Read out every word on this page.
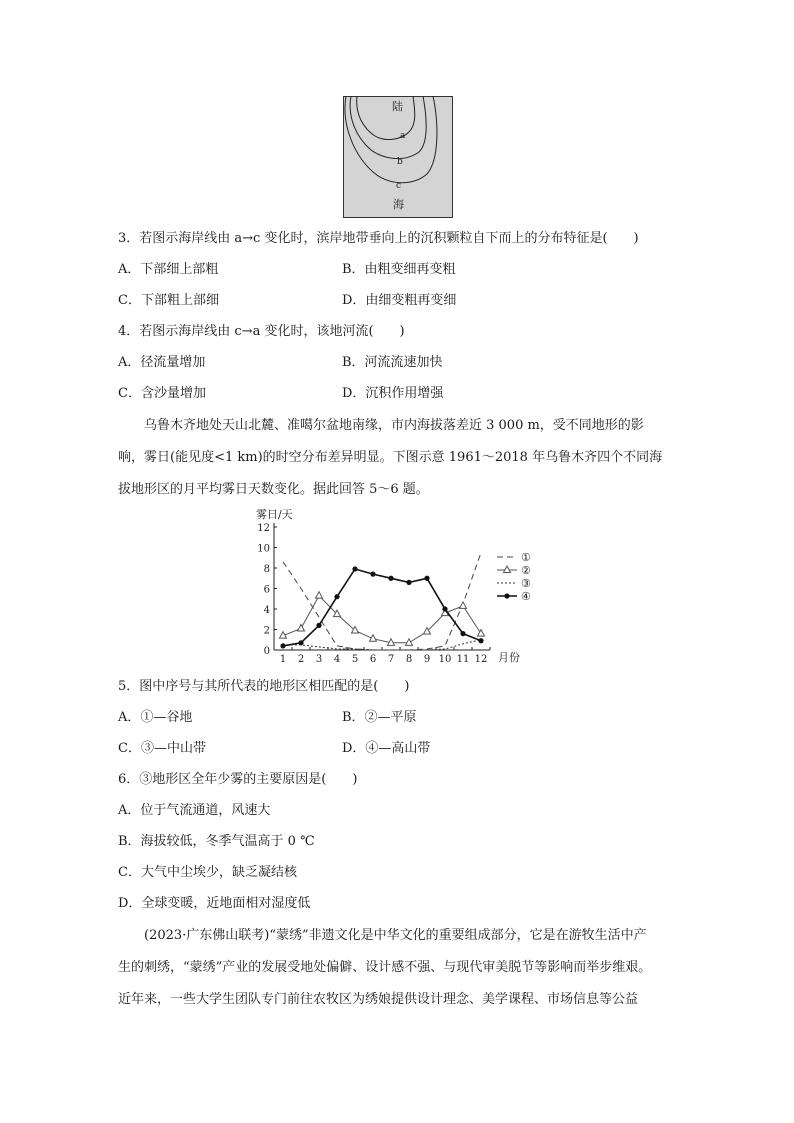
陆
a
b
c
海
3．若图示海岸线由 a→c 变化时，滨岸地带垂向上的沉积颗粒自下而上的分布特征是(　　)
A．下部细上部粗	B．由粗变细再变粗
C．下部粗上部细	D．由细变粗再变细
4．若图示海岸线由 c→a 变化时，该地河流(　　)
A．径流量增加	B．河流流速加快
C．含沙量增加	D．沉积作用增强
乌鲁木齐地处天山北麓、准噶尔盆地南缘，市内海拔落差近 3 000 m，受不同地形的影
响，雾日(能见度<1 km)的时空分布差异明显。下图示意 1961～2018 年乌鲁木齐四个不同海
拔地形区的月平均雾日天数变化。据此回答 5～6 题。
0
2
4
6
8
10
12
1 2 3 4 5 6 7 8 9 10 11 12
①
②
③
④
雾日/天
月份
5．图中序号与其所代表的地形区相匹配的是(　　)
A．①—谷地	B．②—平原
C．③—中山带	D．④—高山带
6．③地形区全年少雾的主要原因是(　　)
A．位于气流通道，风速大
B．海拔较低，冬季气温高于 0 ℃
C．大气中尘埃少，缺乏凝结核
D．全球变暖，近地面相对湿度低
(2023·广东佛山联考)“蒙绣”非遗文化是中华文化的重要组成部分，它是在游牧生活中产
生的刺绣，“蒙绣”产业的发展受地处偏僻、设计感不强、与现代审美脱节等影响而举步维艰。
近年来，一些大学生团队专门前往农牧区为绣娘提供设计理念、美学课程、市场信息等公益
